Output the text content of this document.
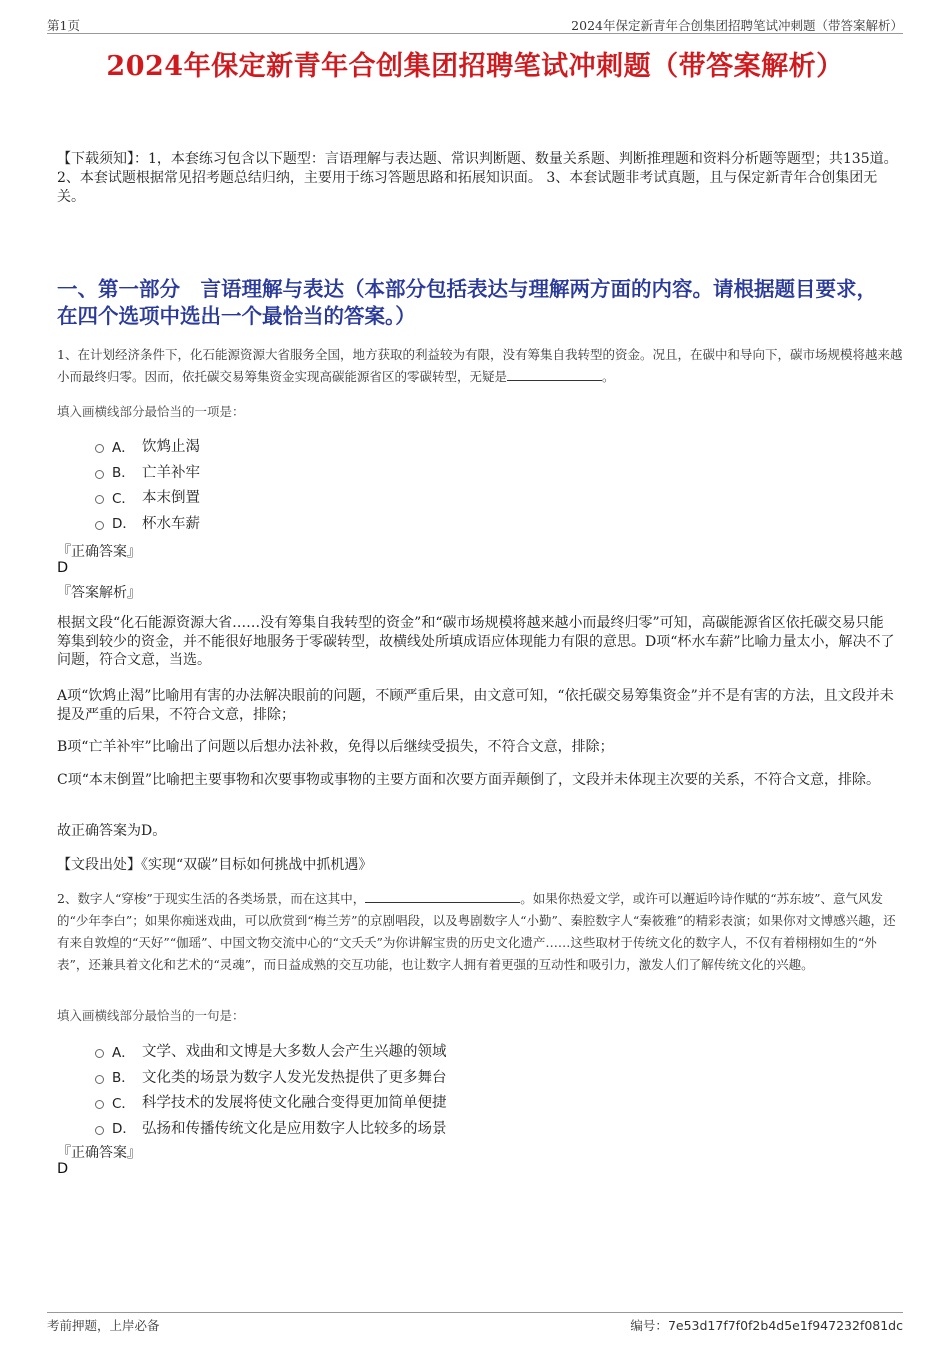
第1页	2024年保定新青年合创集团招聘笔试冲刺题（带答案解析）
2024年保定新青年合创集团招聘笔试冲刺题（带答案解析）

【下载须知】：1，本套练习包含以下题型：言语理解与表达题、常识判断题、数量关系题、判断推理题和资料分析题等题型；共135道。 2、本套试题根据常见招考题总结归纳，主要用于练习答题思路和拓展知识面。 3、本套试题非考试真题，且与保定新青年合创集团无关。

一、第一部分　言语理解与表达（本部分包括表达与理解两方面的内容。请根据题目要求，在四个选项中选出一个最恰当的答案。）
1、在计划经济条件下，化石能源资源大省服务全国，地方获取的利益较为有限，没有筹集自我转型的资金。况且，在碳中和导向下，碳市场规模将越来越小而最终归零。因而，依托碳交易筹集资金实现高碳能源省区的零碳转型，无疑是	。
填入画横线部分最恰当的一项是：
A． 饮鸩止渴
B． 亡羊补牢
C． 本末倒置
D． 杯水车薪
『正确答案』
D
『答案解析』

根据文段“化石能源资源大省……没有筹集自我转型的资金”和“碳市场规模将越来越小而最终归零”可知，高碳能源省区依托碳交易只能筹集到较少的资金，并不能很好地服务于零碳转型，故横线处所填成语应体现能力有限的意思。D项“杯水车薪”比喻力量太小，解决不了问题，符合文意，当选。

A项“饮鸩止渴”比喻用有害的办法解决眼前的问题，不顾严重后果，由文意可知，“依托碳交易筹集资金”并不是有害的方法，且文段并未提及严重的后果，不符合文意，排除；

B项“亡羊补牢”比喻出了问题以后想办法补救，免得以后继续受损失，不符合文意，排除；

C项“本末倒置”比喻把主要事物和次要事物或事物的主要方面和次要方面弄颠倒了，文段并未体现主次要的关系，不符合文意，排除。

故正确答案为D。

【文段出处】《实现“双碳”目标如何挑战中抓机遇》

2、数字人“穿梭”于现实生活的各类场景，而在这其中，	。如果你热爱文学，或许可以邂逅吟诗作赋的“苏东坡”、意气风发的“少年李白”；如果你痴迷戏曲，可以欣赏到“梅兰芳”的京剧唱段，以及粤剧数字人“小勤”、秦腔数字人“秦筱雅”的精彩表演；如果你对文博感兴趣，还有来自敦煌的“天好”“伽瑶”、中国文物交流中心的“文夭夭”为你讲解宝贵的历史文化遗产……这些取材于传统文化的数字人，不仅有着栩栩如生的“外表”，还兼具着文化和艺术的“灵魂”，而日益成熟的交互功能，也让数字人拥有着更强的互动性和吸引力，激发人们了解传统文化的兴趣。
填入画横线部分最恰当的一句是：
A． 文学、戏曲和文博是大多数人会产生兴趣的领域
B． 文化类的场景为数字人发光发热提供了更多舞台
C． 科学技术的发展将使文化融合变得更加简单便捷
D． 弘扬和传播传统文化是应用数字人比较多的场景
『正确答案』
D
考前押题，上岸必备	编号：7e53d17f7f0f2b4d5e1f947232f081dc
